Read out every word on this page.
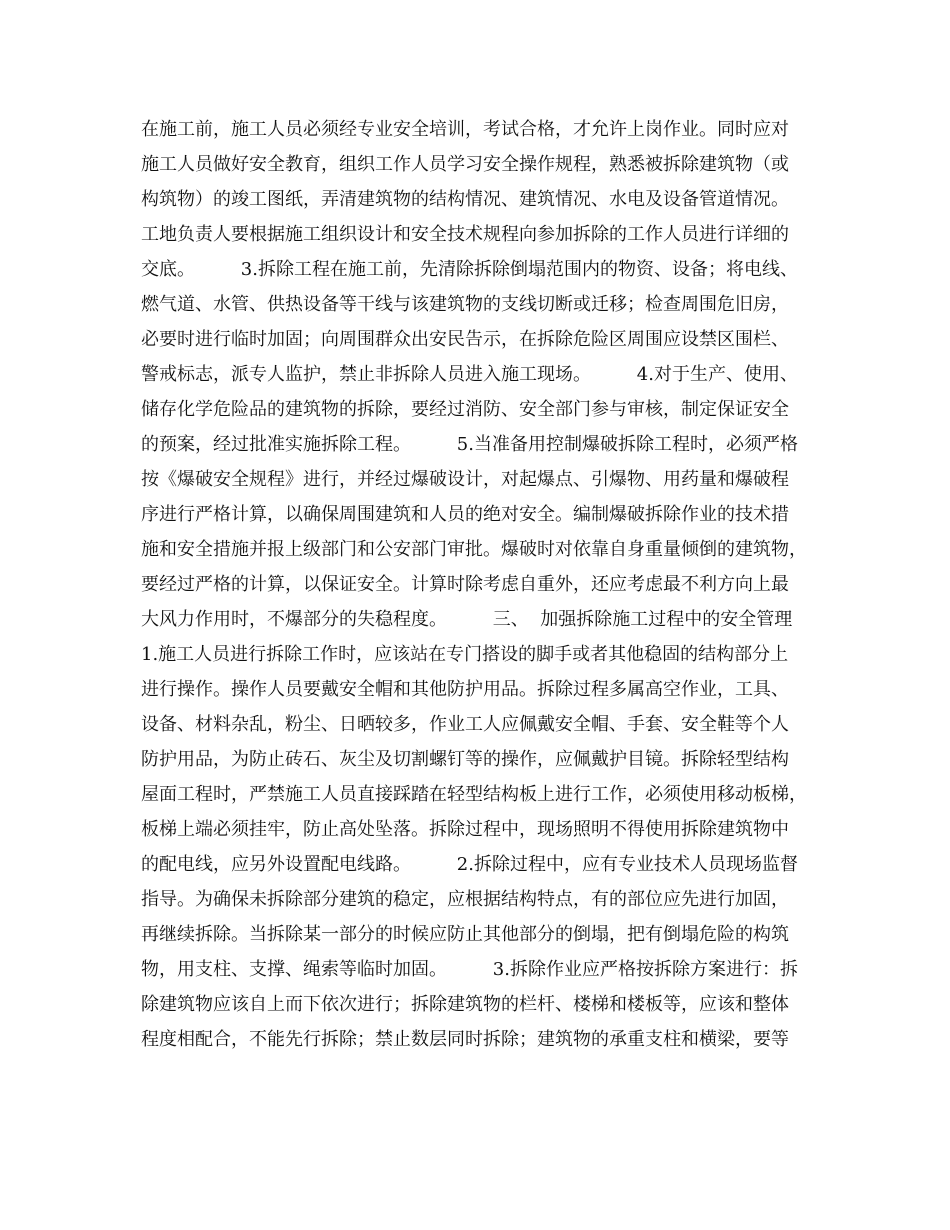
在施工前，施工人员必须经专业安全培训，考试合格，才允许上岗作业。同时应对
施工人员做好安全教育，组织工作人员学习安全操作规程，熟悉被拆除建筑物（或
构筑物）的竣工图纸，弄清建筑物的结构情况、建筑情况、水电及设备管道情况。
工地负责人要根据施工组织设计和安全技术规程向参加拆除的工作人员进行详细的
交底。        3.拆除工程在施工前，先清除拆除倒塌范围内的物资、设备；将电线、
燃气道、水管、供热设备等干线与该建筑物的支线切断或迁移；检查周围危旧房，
必要时进行临时加固；向周围群众出安民告示，在拆除危险区周围应设禁区围栏、
警戒标志，派专人监护，禁止非拆除人员进入施工现场。        4.对于生产、使用、
储存化学危险品的建筑物的拆除，要经过消防、安全部门参与审核，制定保证安全
的预案，经过批准实施拆除工程。        5.当准备用控制爆破拆除工程时，必须严格
按《爆破安全规程》进行，并经过爆破设计，对起爆点、引爆物、用药量和爆破程
序进行严格计算，以确保周围建筑和人员的绝对安全。编制爆破拆除作业的技术措
施和安全措施并报上级部门和公安部门审批。爆破时对依靠自身重量倾倒的建筑物，
要经过严格的计算，以保证安全。计算时除考虑自重外，还应考虑最不利方向上最
大风力作用时，不爆部分的失稳程度。        三、  加强拆除施工过程中的安全管理
1.施工人员进行拆除工作时，应该站在专门搭设的脚手或者其他稳固的结构部分上
进行操作。操作人员要戴安全帽和其他防护用品。拆除过程多属高空作业，工具、
设备、材料杂乱，粉尘、日晒较多，作业工人应佩戴安全帽、手套、安全鞋等个人
防护用品，为防止砖石、灰尘及切割螺钉等的操作，应佩戴护目镜。拆除轻型结构
屋面工程时，严禁施工人员直接踩踏在轻型结构板上进行工作，必须使用移动板梯，
板梯上端必须挂牢，防止高处坠落。拆除过程中，现场照明不得使用拆除建筑物中
的配电线，应另外设置配电线路。        2.拆除过程中，应有专业技术人员现场监督
指导。为确保未拆除部分建筑的稳定，应根据结构特点，有的部位应先进行加固，
再继续拆除。当拆除某一部分的时候应防止其他部分的倒塌，把有倒塌危险的构筑
物，用支柱、支撑、绳索等临时加固。        3.拆除作业应严格按拆除方案进行：拆
除建筑物应该自上而下依次进行；拆除建筑物的栏杆、楼梯和楼板等，应该和整体
程度相配合，不能先行拆除；禁止数层同时拆除；建筑物的承重支柱和横梁，要等
